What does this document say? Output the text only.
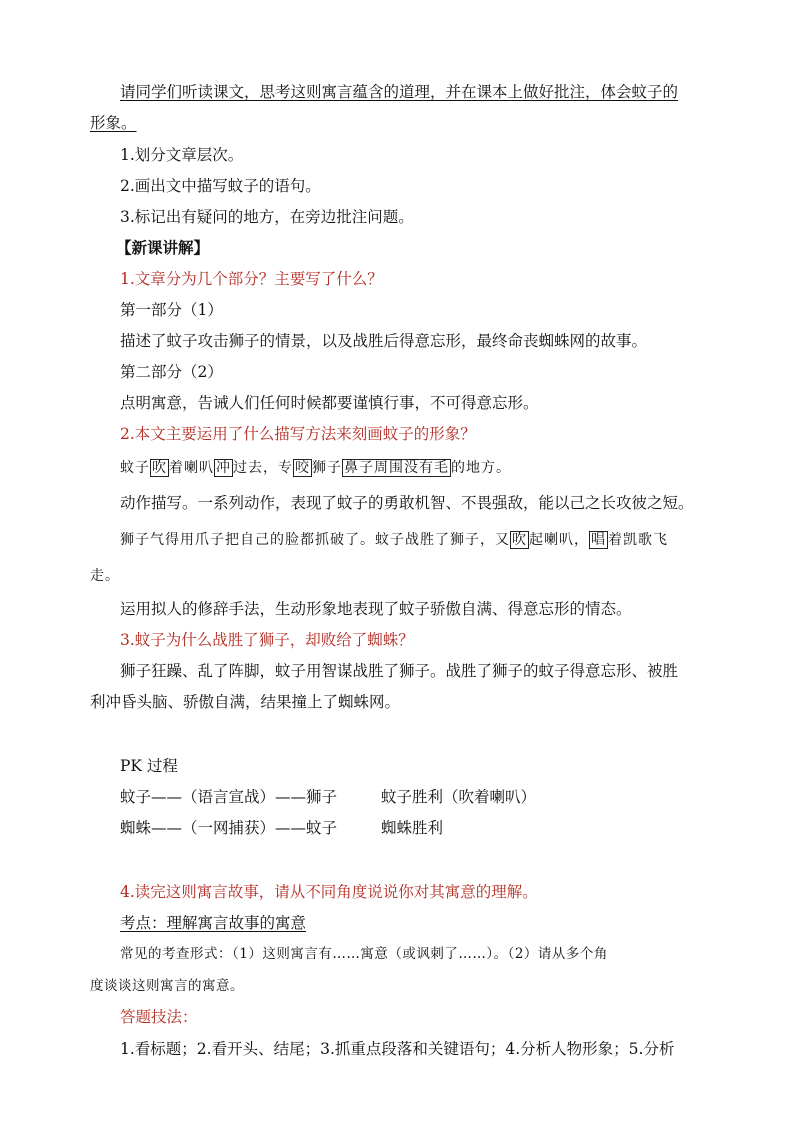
请同学们听读课文，思考这则寓言蕴含的道理，并在课本上做好批注，体会蚊子的
形象。
1.划分文章层次。
2.画出文中描写蚊子的语句。
3.标记出有疑问的地方，在旁边批注问题。
【新课讲解】
1.文章分为几个部分？主要写了什么？
第一部分（1）
描述了蚊子攻击狮子的情景，以及战胜后得意忘形，最终命丧蜘蛛网的故事。
第二部分（2）
点明寓意，告诫人们任何时候都要谨慎行事，不可得意忘形。
2.本文主要运用了什么描写方法来刻画蚊子的形象？
蚊子 吹 着喇叭 冲 过去，专 咬 狮子 鼻子周围没有毛 的地方。
动作描写。一系列动作，表现了蚊子的勇敢机智、不畏强敌，能以己之长攻彼之短。
狮子气得用爪子把自己的脸都抓破了。蚊子战胜了狮子，又 吹 起喇叭， 唱 着凯歌飞
走。
运用拟人的修辞手法，生动形象地表现了蚊子骄傲自满、得意忘形的情态。
3.蚊子为什么战胜了狮子，却败给了蜘蛛？
狮子狂躁、乱了阵脚，蚊子用智谋战胜了狮子。战胜了狮子的蚊子得意忘形、被胜
利冲昏头脑、骄傲自满，结果撞上了蜘蛛网。
PK 过程
蚊子——（语言宣战）——狮子	蚊子胜利（吹着喇叭）
蜘蛛——（一网捕获）——蚊子	蜘蛛胜利
4.读完这则寓言故事，请从不同角度说说你对其寓意的理解。
考点：理解寓言故事的寓意
常见的考查形式：（1）这则寓言有……寓意（或讽刺了……）。（2）请从多个角
度谈谈这则寓言的寓意。
答题技法：
1.看标题；2.看开头、结尾；3.抓重点段落和关键语句；4.分析人物形象；5.分析
